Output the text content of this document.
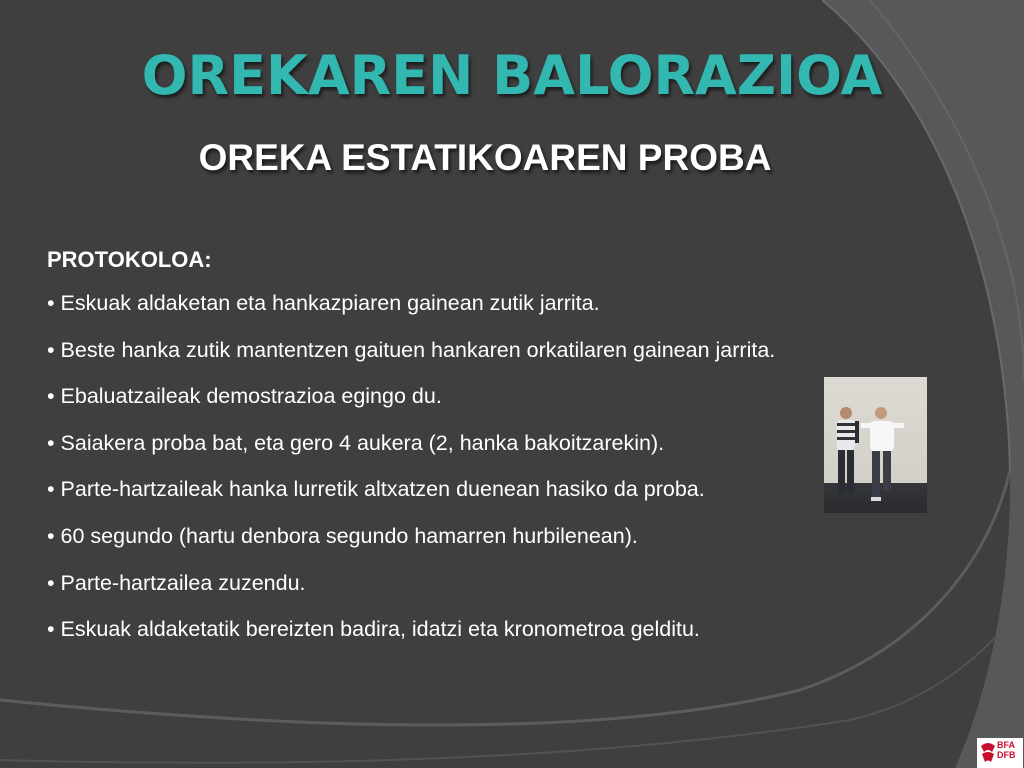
OREKAREN BALORAZIOA
OREKA ESTATIKOAREN PROBA
PROTOKOLOA:
• Eskuak aldaketan eta hankazpiaren gainean zutik jarrita.
• Beste hanka zutik mantentzen gaituen hankaren orkatilaren gainean jarrita.
• Ebaluatzaileak demostrazioa egingo du.
• Saiakera proba bat, eta gero 4 aukera (2, hanka bakoitzarekin).
• Parte-hartzaileak hanka lurretik altxatzen duenean hasiko da proba.
• 60 segundo (hartu denbora segundo hamarren hurbilenean).
• Parte-hartzailea zuzendu.
• Eskuak aldaketatik bereizten badira, idatzi eta kronometroa gelditu.
BFA
DFB
